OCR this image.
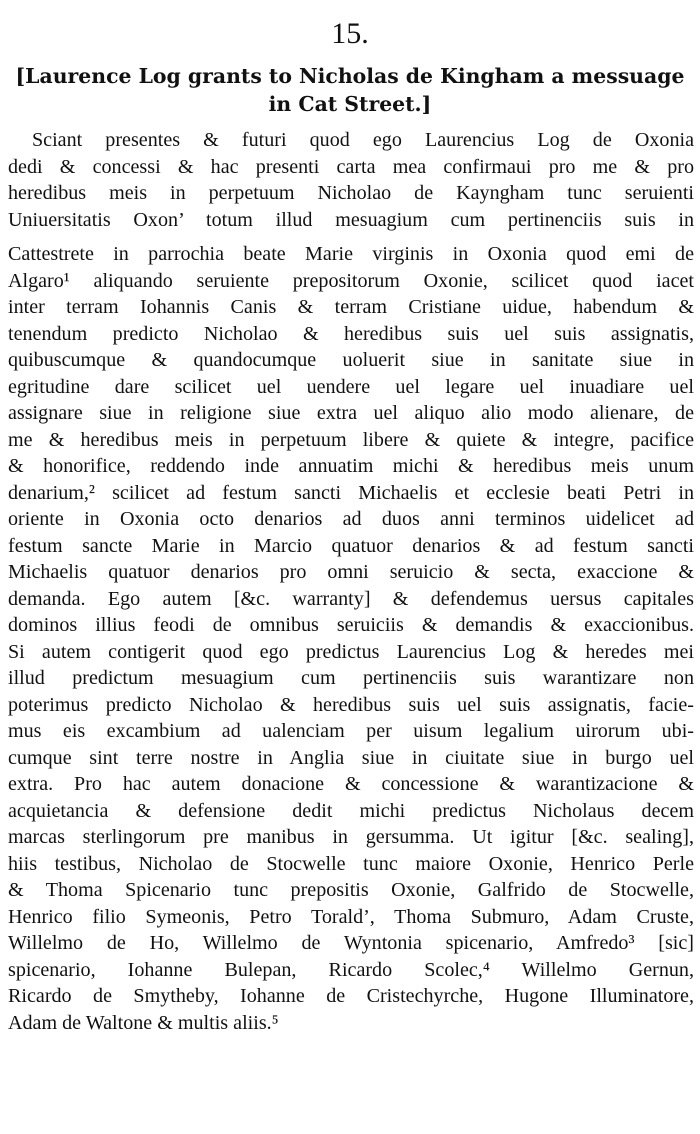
15.
[Laurence Log grants to Nicholas de Kingham a messuage
in Cat Street.]
Sciant presentes & futuri quod ego Laurencius Log de Oxonia
dedi & concessi & hac presenti carta mea confirmaui pro me & pro
heredibus meis in perpetuum Nicholao de Kayngham tunc seruienti
Uniuersitatis Oxon’ totum illud mesuagium cum pertinenciis suis in
Cattestrete in parrochia beate Marie virginis in Oxonia quod emi de
Algaro¹ aliquando seruiente prepositorum Oxonie, scilicet quod iacet
inter terram Iohannis Canis & terram Cristiane uidue, habendum &
tenendum predicto Nicholao & heredibus suis uel suis assignatis,
quibuscumque & quandocumque uoluerit siue in sanitate siue in
egritudine dare scilicet uel uendere uel legare uel inuadiare uel
assignare siue in religione siue extra uel aliquo alio modo alienare, de
me & heredibus meis in perpetuum libere & quiete & integre, pacifice
& honorifice, reddendo inde annuatim michi & heredibus meis unum
denarium,² scilicet ad festum sancti Michaelis et ecclesie beati Petri in
oriente in Oxonia octo denarios ad duos anni terminos uidelicet ad
festum sancte Marie in Marcio quatuor denarios & ad festum sancti
Michaelis quatuor denarios pro omni seruicio & secta, exaccione &
demanda. Ego autem [&c. warranty] & defendemus uersus capitales
dominos illius feodi de omnibus seruiciis & demandis & exaccionibus.
Si autem contigerit quod ego predictus Laurencius Log & heredes mei
illud predictum mesuagium cum pertinenciis suis warantizare non
poterimus predicto Nicholao & heredibus suis uel suis assignatis, facie-
mus eis excambium ad ualenciam per uisum legalium uirorum ubi-
cumque sint terre nostre in Anglia siue in ciuitate siue in burgo uel
extra. Pro hac autem donacione & concessione & warantizacione &
acquietancia & defensione dedit michi predictus Nicholaus decem
marcas sterlingorum pre manibus in gersumma. Ut igitur [&c. sealing],
hiis testibus, Nicholao de Stocwelle tunc maiore Oxonie, Henrico Perle
& Thoma Spicenario tunc prepositis Oxonie, Galfrido de Stocwelle,
Henrico filio Symeonis, Petro Torald’, Thoma Submuro, Adam Cruste,
Willelmo de Ho, Willelmo de Wyntonia spicenario, Amfredo³ [sic]
spicenario, Iohanne Bulepan, Ricardo Scolec,⁴ Willelmo Gernun,
Ricardo de Smytheby, Iohanne de Cristechyrche, Hugone Illuminatore,
Adam de Waltone & multis aliis.⁵
